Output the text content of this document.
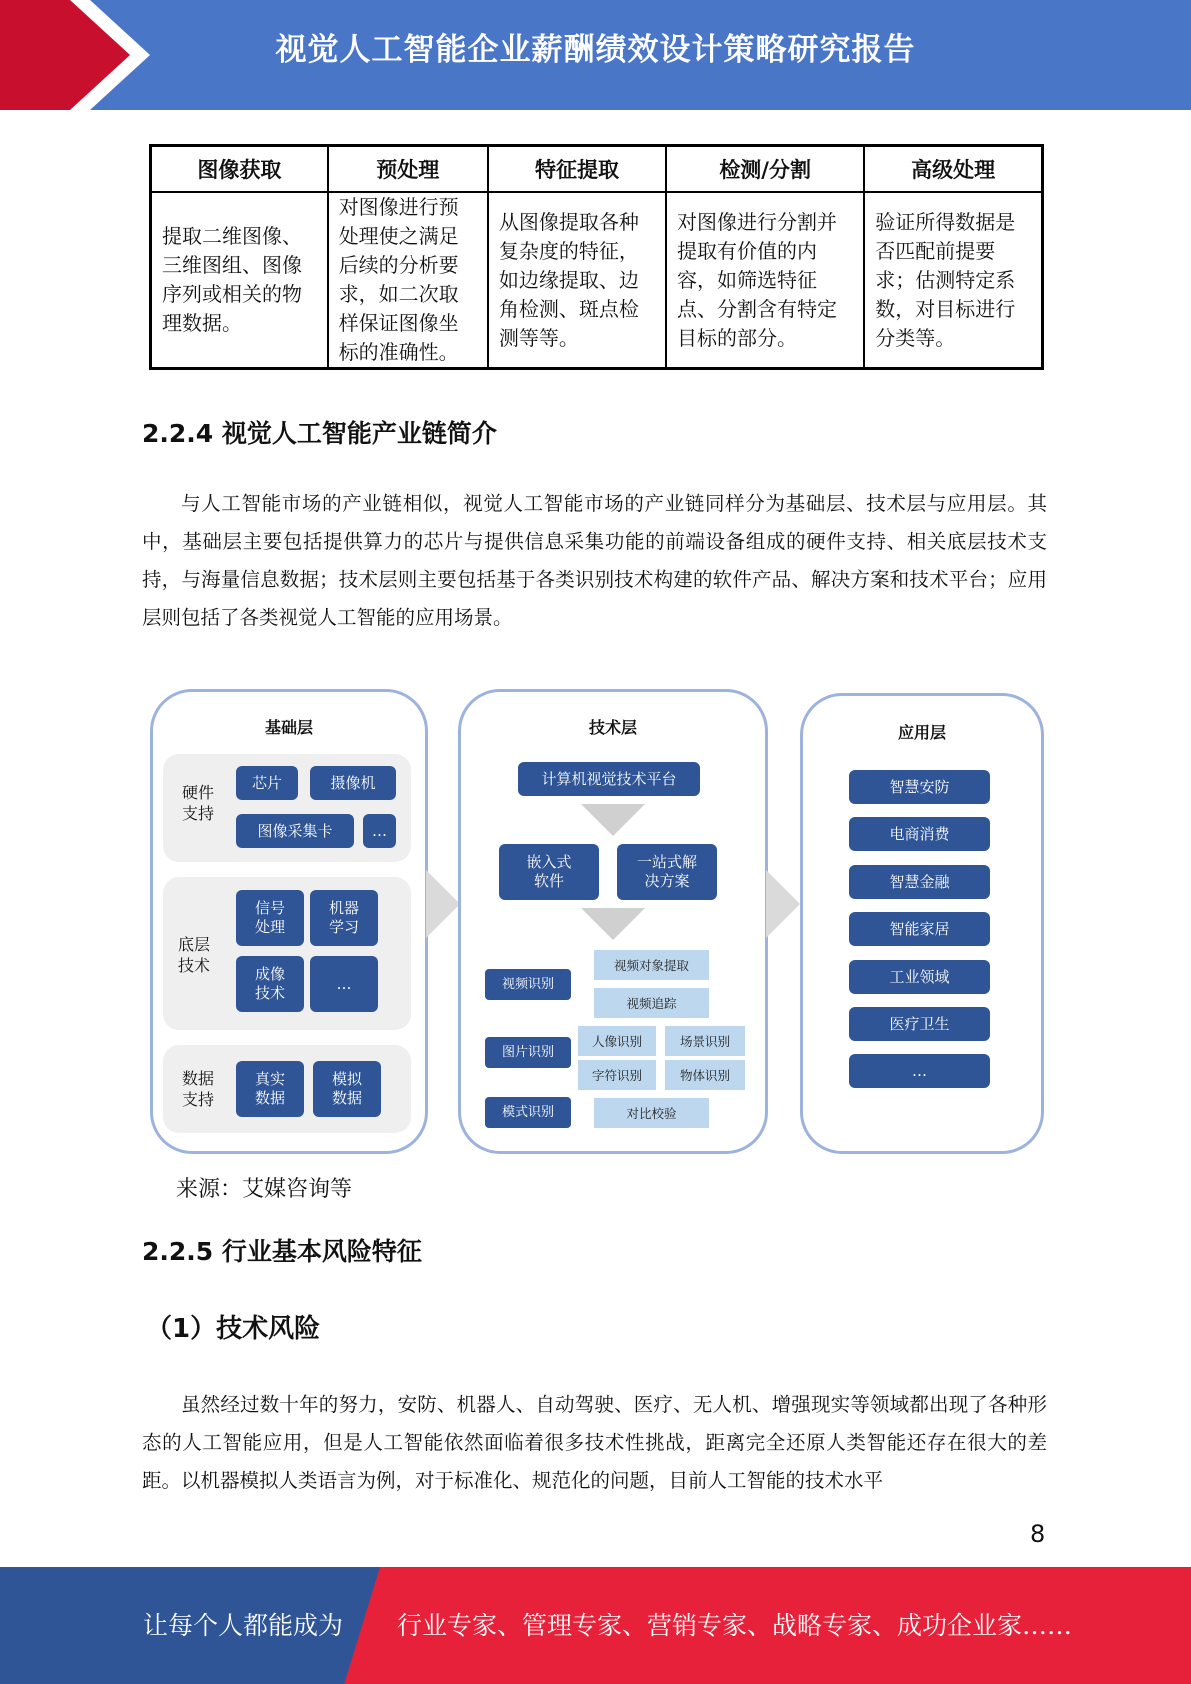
视觉人工智能企业薪酬绩效设计策略研究报告
图像获取	预处理	特征提取	检测/分割	高级处理
提取二维图像、三维图组、图像序列或相关的物理数据。	对图像进行预处理使之满足后续的分析要求，如二次取样保证图像坐标的准确性。	从图像提取各种复杂度的特征，如边缘提取、边角检测、斑点检测等等。	对图像进行分割并提取有价值的内容，如筛选特征点、分割含有特定目标的部分。	验证所得数据是否匹配前提要求；估测特定系数，对目标进行分类等。
2.2.4 视觉人工智能产业链简介
与人工智能市场的产业链相似，视觉人工智能市场的产业链同样分为基础层、技术层与应用层。其中，基础层主要包括提供算力的芯片与提供信息采集功能的前端设备组成的硬件支持、相关底层技术支持，与海量信息数据；技术层则主要包括基于各类识别技术构建的软件产品、解决方案和技术平台；应用层则包括了各类视觉人工智能的应用场景。
基础层
硬件支持
芯片	摄像机
图像采集卡	…
底层技术
信号处理
机器学习
成像技术
…
数据支持
真实数据
模拟数据
技术层
计算机视觉技术平台
嵌入式软件
一站式解决方案
视频识别
视频对象提取
视频追踪
图片识别
人像识别	场景识别
字符识别	物体识别
模式识别	对比校验
应用层
智慧安防
电商消费
智慧金融
智能家居
工业领域
医疗卫生
…
来源：艾媒咨询等
2.2.5 行业基本风险特征
（1）技术风险
虽然经过数十年的努力，安防、机器人、自动驾驶、医疗、无人机、增强现实等领域都出现了各种形态的人工智能应用，但是人工智能依然面临着很多技术性挑战，距离完全还原人类智能还存在很大的差距。以机器模拟人类语言为例，对于标准化、规范化的问题，目前人工智能的技术水平
8
让每个人都能成为 行业专家、管理专家、营销专家、战略专家、成功企业家……
